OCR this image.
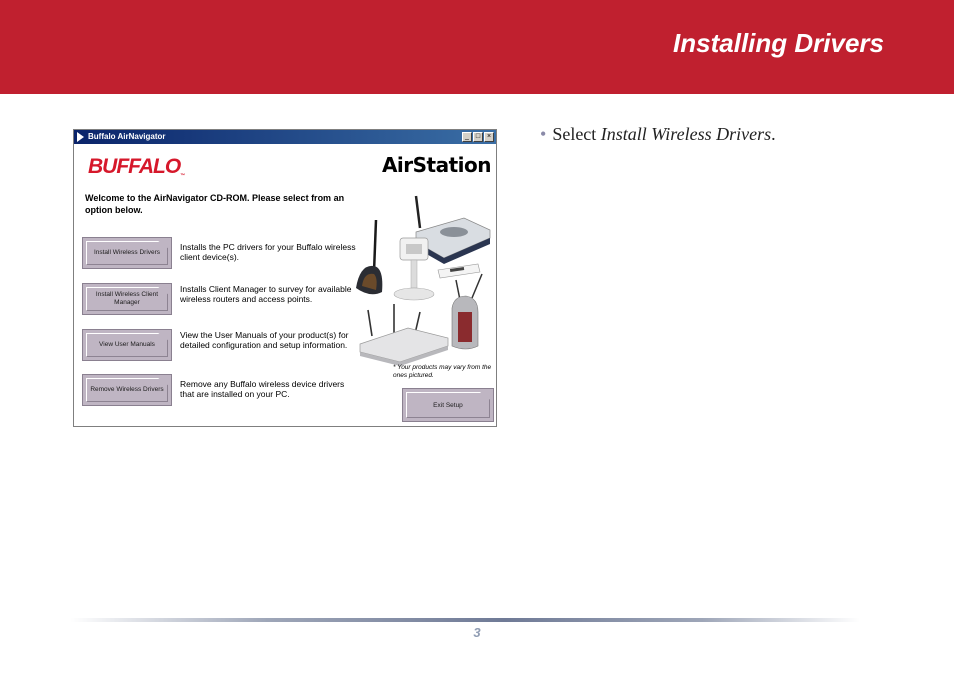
Installing Drivers
Buffalo AirNavigator	_ □ ×
BUFFALO™	AirStation
Welcome to the AirNavigator CD-ROM. Please select from an option below.
Install Wireless Drivers
Installs the PC drivers for your Buffalo wireless client device(s).
Install Wireless Client Manager
Installs Client Manager to survey for available wireless routers and access points.
View User Manuals
View the User Manuals of your product(s) for detailed configuration and setup information.
Remove Wireless Drivers
Remove any Buffalo wireless device drivers that are installed on your PC.
* Your products may vary from the ones pictured.
Exit Setup
• Select Install Wireless Drivers.
3
